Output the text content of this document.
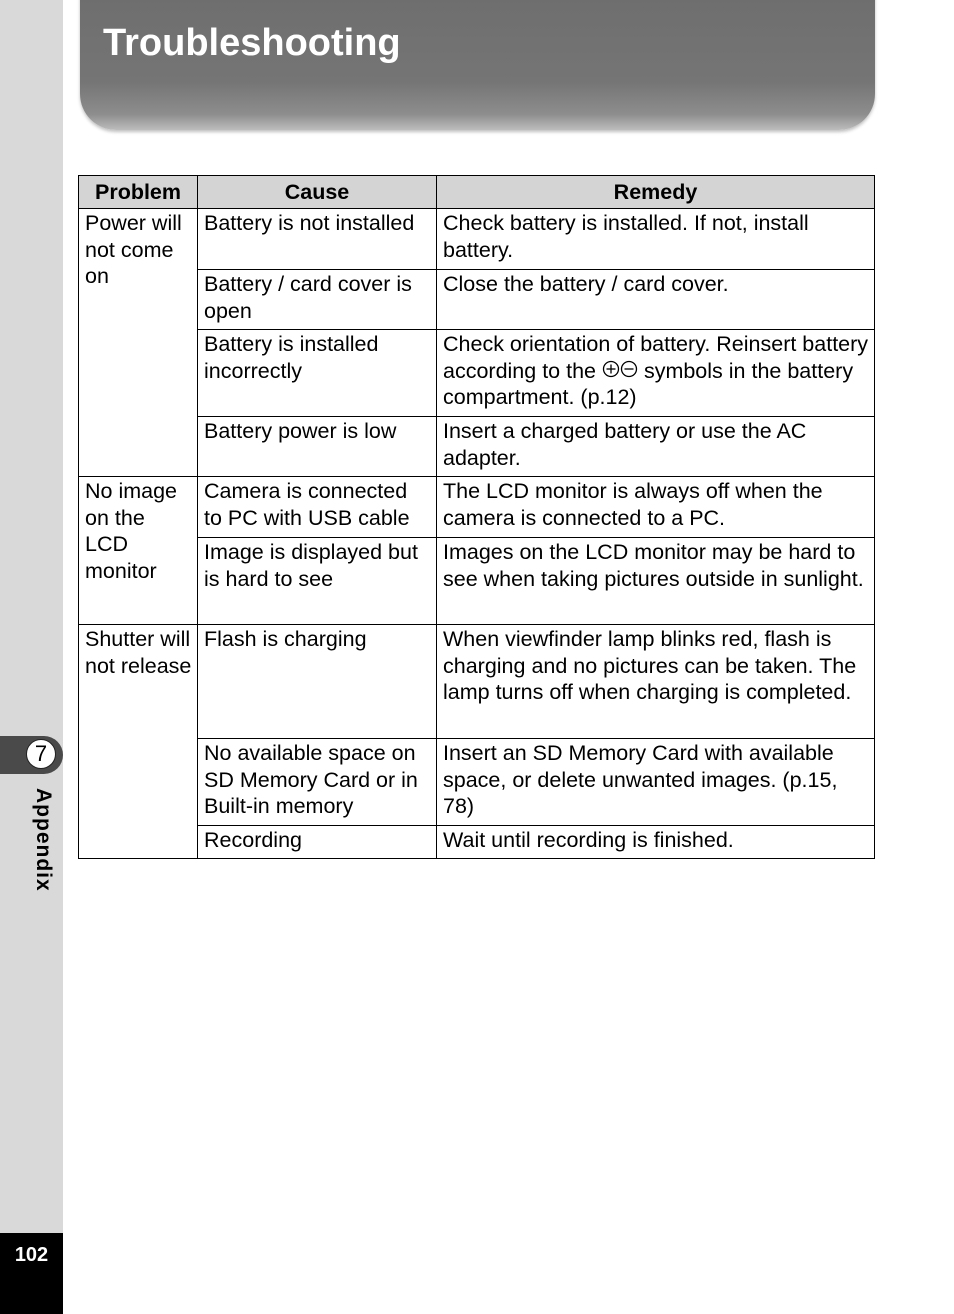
Troubleshooting
Problem	Cause	Remedy
Power will not come on	Battery is not installed	Check battery is installed. If not, install battery.
	Battery / card cover is open	Close the battery / card cover.
	Battery is installed incorrectly	Check orientation of battery. Reinsert battery according to the  symbols in the battery compartment. (p.12)
	Battery power is low	Insert a charged battery or use the AC adapter.
No image on the LCD monitor	Camera is connected to PC with USB cable	The LCD monitor is always off when the camera is connected to a PC.
	Image is displayed but is hard to see	Images on the LCD monitor may be hard to see when taking pictures outside in sunlight.
Shutter will not release	Flash is charging	When viewfinder lamp blinks red, flash is charging and no pictures can be taken. The lamp turns off when charging is completed.
	No available space on SD Memory Card or in Built-in memory	Insert an SD Memory Card with available space, or delete unwanted images. (p.15, 78)
	Recording	Wait until recording is finished.
7
Appendix
102
